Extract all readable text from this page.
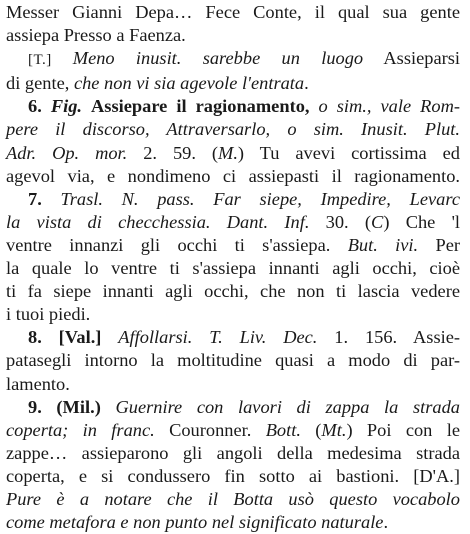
Messer Gianni Depa… Fece Conte, il qual sua gente
assiepa Presso a Faenza.
[T.] Meno inusit. sarebbe un luogo Assieparsi
di gente, che non vi sia agevole l'entrata.
6. Fig. Assiepare il ragionamento, o sim., vale Rom-
pere il discorso, Attraversarlo, o sim. Inusit. Plut.
Adr. Op. mor. 2. 59. (M.) Tu avevi cortissima ed
agevol via, e nondimeno ci assiepasti il ragionamento.
7. Trasl. N. pass. Far siepe, Impedire, Levarc
la vista di checchessia. Dant. Inf. 30. (C) Che 'l
ventre innanzi gli occhi ti s'assiepa. But. ivi. Per
la quale lo ventre ti s'assiepa innanti agli occhi, cioè
ti fa siepe innanti agli occhi, che non ti lascia vedere
i tuoi piedi.
8. [Val.] Affollarsi. T. Liv. Dec. 1. 156. Assie-
patasegli intorno la moltitudine quasi a modo di par-
lamento.
9. (Mil.) Guernire con lavori di zappa la strada
coperta; in franc. Couronner. Bott. (Mt.) Poi con le
zappe… assieparono gli angoli della medesima strada
coperta, e si condussero fin sotto ai bastioni. [D'A.]
Pure è a notare che il Botta usò questo vocabolo
come metafora e non punto nel significato naturale.
